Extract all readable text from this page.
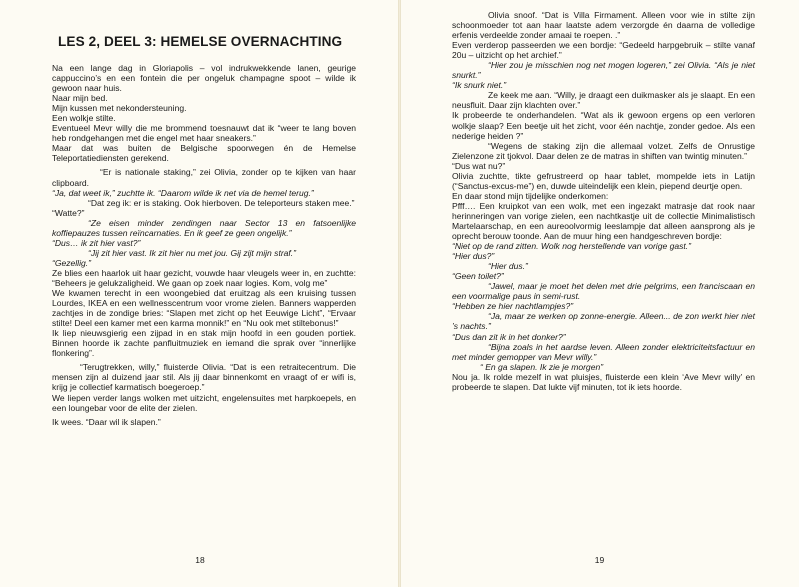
LES 2, DEEL 3: HEMELSE OVERNACHTING

Na een lange dag in Gloriapolis – vol indrukwekkende lanen, geurige cappuccino’s en een fontein die per ongeluk champagne spoot – wilde ik gewoon naar huis.

Naar mijn bed.

Mijn kussen met nekondersteuning.

Een wolkje stilte.

Eventueel Mevr willy die me brommend toesnauwt dat ik “weer te lang boven heb rondgehangen met die engel met haar sneakers.”

Maar dat was buiten de Belgische spoorwegen én de Hemelse Teleportatiediensten gerekend.

“Er is nationale staking,” zei Olivia, zonder op te kijken van haar clipboard.

“Ja, dat weet ik,” zuchtte ik. “Daarom wilde ik net via de hemel terug.”

“Dat zeg ik: er is staking. Ook hierboven. De teleporteurs staken mee.”

“Watte?”

“Ze eisen minder zendingen naar Sector 13 en fatsoenlijke koffiepauzes tussen reïncarnaties. En ik geef ze geen ongelijk.”

“Dus… ik zit hier vast?”

“Jij zit hier vast. Ik zit hier nu met jou. Gij zijt mijn straf.”

“Gezellig.”

Ze blies een haarlok uit haar gezicht, vouwde haar vleugels weer in, en zuchtte: “Beheers je gelukzaligheid. We gaan op zoek naar logies. Kom, volg me”

We kwamen terecht in een woongebied dat eruitzag als een kruising tussen Lourdes, IKEA en een wellnesscentrum voor vrome zielen. Banners wapperden zachtjes in de zondige bries: “Slapen met zicht op het Eeuwige Licht”, “Ervaar stilte! Deel een kamer met een karma monnik!” en “Nu ook met stiltebonus!”

Ik liep nieuwsgierig een zijpad in en stak mijn hoofd in een gouden portiek. Binnen hoorde ik zachte panfluitmuziek en iemand die sprak over “innerlijke flonkering”.

“Terugtrekken, willy,” fluisterde Olivia. “Dat is een retraitecentrum. Die mensen zijn al duizend jaar stil. Als jij daar binnenkomt en vraagt of er wifi is, krijg je collectief karmatisch boegeroep.”

We liepen verder langs wolken met uitzicht, engelensuites met harpkoepels, en een loungebar voor de elite der zielen.

Ik wees. “Daar wil ik slapen.”

18

Olivia snoof. “Dat is Villa Firmament. Alleen voor wie in stilte zijn schoonmoeder tot aan haar laatste adem verzorgde én daarna de volledige erfenis verdeelde zonder amaai te roepen. .”

Even verderop passeerden we een bordje: “Gedeeld harpgebruik – stilte vanaf 20u – uitzicht op het archief.”

“Hier zou je misschien nog net mogen logeren,” zei Olivia. “Als je niet snurkt.”

“Ik snurk niet.”

Ze keek me aan. “Willy, je draagt een duikmasker als je slaapt. En een neusfluit. Daar zijn klachten over.”

Ik probeerde te onderhandelen. “Wat als ik gewoon ergens op een verloren wolkje slaap? Een beetje uit het zicht, voor één nachtje, zonder gedoe. Als een nederige heiden ?”

“Wegens de staking zijn die allemaal volzet. Zelfs de Onrustige Zielenzone zit tjokvol. Daar delen ze de matras in shiften van twintig minuten.”

“Dus wat nu?”

Olivia zuchtte, tikte gefrustreerd op haar tablet, mompelde iets in Latijn (“Sanctus-excus-me”) en, duwde uiteindelijk een klein, piepend deurtje open.

En daar stond mijn tijdelijke onderkomen:

Pfff…. Een kruipkot van een wolk, met een ingezakt matrasje dat rook naar herinneringen van vorige zielen, een nachtkastje uit de collectie Minimalistisch Martelaarschap, en een aureoolvormig leeslampje dat alleen aansprong als je oprecht berouw toonde. Aan de muur hing een handgeschreven bordje:

“Niet op de rand zitten. Wolk nog herstellende van vorige gast.”

“Hier dus?”

“Hier dus.”

“Geen toilet?”

“Jawel, maar je moet het delen met drie pelgrims, een franciscaan en een voormalige paus in semi-rust.

“Hebben ze hier nachtlampjes?”

“Ja, maar ze werken op zonne-energie. Alleen... de zon werkt hier niet ’s nachts.”

“Dus dan zit ik in het donker?”

“Bijna zoals in het aardse leven. Alleen zonder elektriciteitsfactuur en met minder gemopper van Mevr willy.”

“ En ga slapen. Ik zie je morgen”

Nou ja. Ik rolde mezelf in wat pluisjes, fluisterde een klein ‘Ave Mevr willy’ en probeerde te slapen. Dat lukte vijf minuten, tot ik iets hoorde.

19
